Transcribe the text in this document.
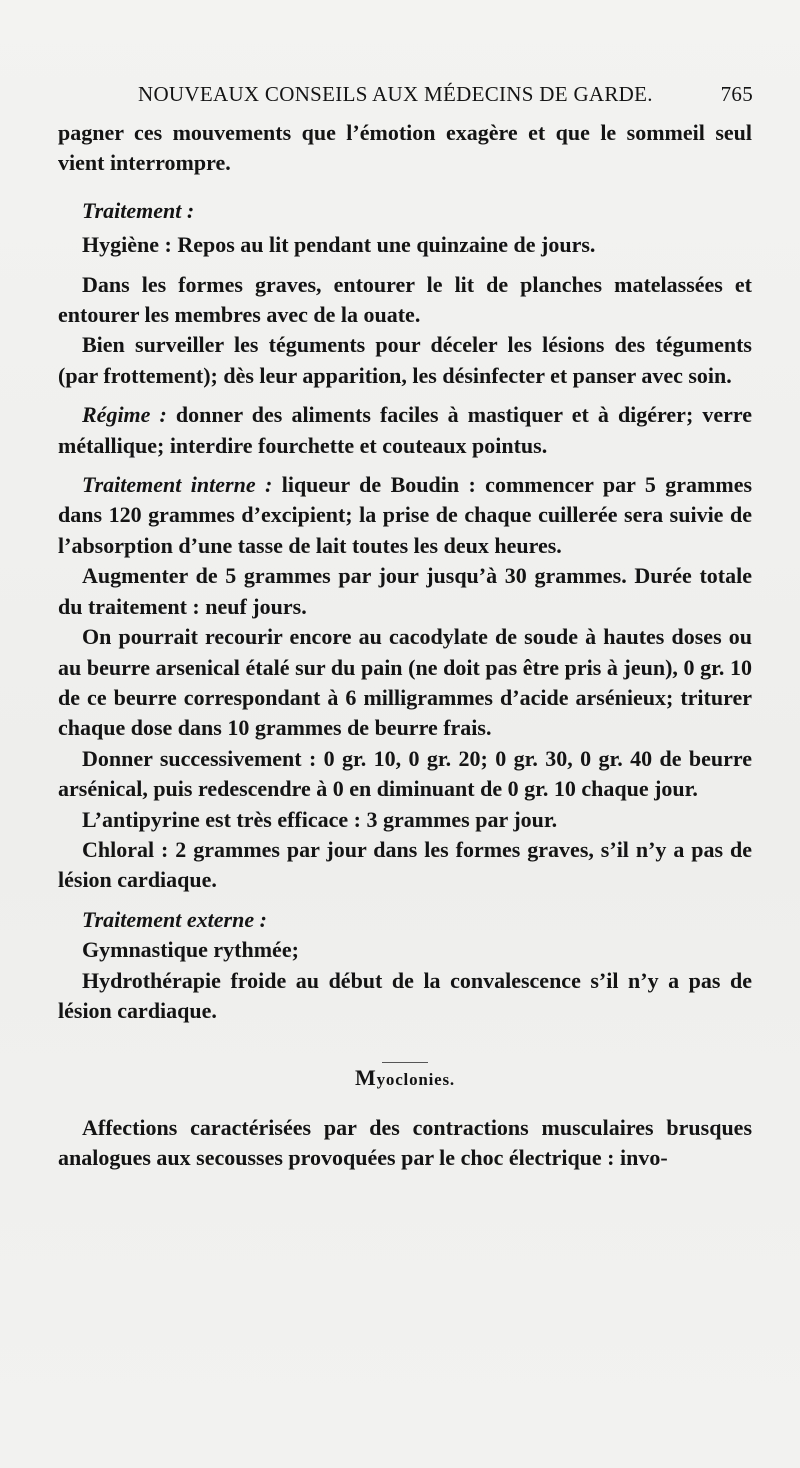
NOUVEAUX CONSEILS AUX MÉDECINS DE GARDE.	765

pagner ces mouvements que l’émotion exagère et que le sommeil seul vient interrompre.

Traitement :

Hygiène : Repos au lit pendant une quinzaine de jours.

Dans les formes graves, entourer le lit de planches matelassées et entourer les membres avec de la ouate.

Bien surveiller les téguments pour déceler les lésions des téguments (par frottement); dès leur apparition, les désinfecter et panser avec soin.

Régime : donner des aliments faciles à mastiquer et à digérer; verre métallique; interdire fourchette et couteaux pointus.

Traitement interne : liqueur de Boudin : commencer par 5 grammes dans 120 grammes d’excipient; la prise de chaque cuillerée sera suivie de l’absorption d’une tasse de lait toutes les deux heures.

Augmenter de 5 grammes par jour jusqu’à 30 grammes. Durée totale du traitement : neuf jours.

On pourrait recourir encore au cacodylate de soude à hautes doses ou au beurre arsenical étalé sur du pain (ne doit pas être pris à jeun), 0 gr. 10 de ce beurre correspondant à 6 milligrammes d’acide arsénieux; triturer chaque dose dans 10 grammes de beurre frais.

Donner successivement : 0 gr. 10, 0 gr. 20; 0 gr. 30, 0 gr. 40 de beurre arsénical, puis redescendre à 0 en diminuant de 0 gr. 10 chaque jour.

L’antipyrine est très efficace : 3 grammes par jour.

Chloral : 2 grammes par jour dans les formes graves, s’il n’y a pas de lésion cardiaque.

Traitement externe :

Gymnastique rythmée;

Hydrothérapie froide au début de la convalescence s’il n’y a pas de lésion cardiaque.

Myoclonies.

Affections caractérisées par des contractions musculaires brusques analogues aux secousses provoquées par le choc électrique : invo-
